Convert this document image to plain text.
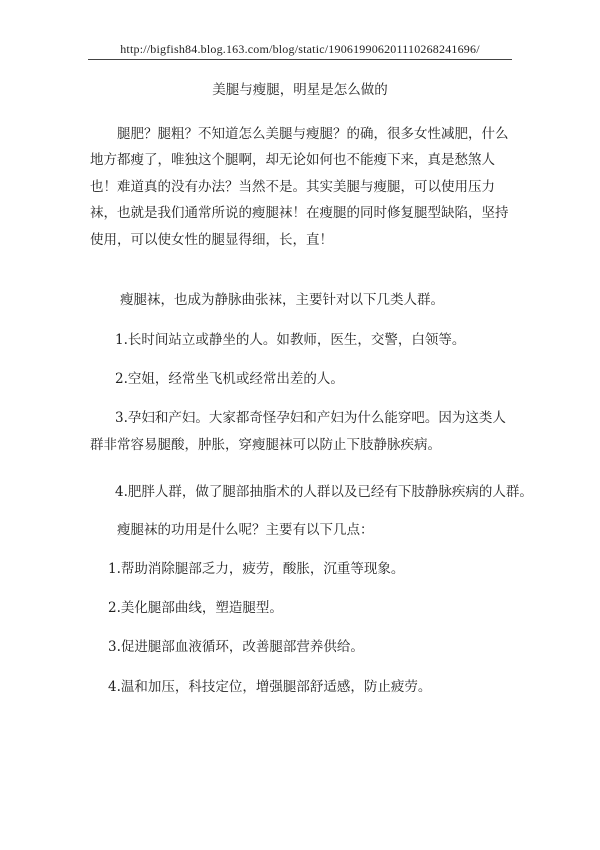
http://bigfish84.blog.163.com/blog/static/19061990620111026824169​6/
美腿与瘦腿，明星是怎么做的
腿肥？腿粗？不知道怎么美腿与瘦腿？的确，很多女性减肥，什么地方都瘦了，唯独这个腿啊，却无论如何也不能瘦下来，真是愁煞人也！难道真的没有办法？当然不是。其实美腿与瘦腿，可以使用压力袜，也就是我们通常所说的瘦腿袜！在瘦腿的同时修复腿型缺陷，坚持使用，可以使女性的腿显得细，长，直！
瘦腿袜，也成为静脉曲张袜，主要针对以下几类人群。
1.长时间站立或静坐的人。如教师，医生，交警，白领等。
2.空姐，经常坐飞机或经常出差的人。
3.孕妇和产妇。大家都奇怪孕妇和产妇为什么能穿吧。因为这类人群非常容易腿酸，肿胀，穿瘦腿袜可以防止下肢静脉疾病。
4.肥胖人群，做了腿部抽脂术的人群以及已经有下肢静脉疾病的人群。
瘦腿袜的功用是什么呢？主要有以下几点：
1.帮助消除腿部乏力，疲劳，酸胀，沉重等现象。
2.美化腿部曲线，塑造腿型。
3.促进腿部血液循环，改善腿部营养供给。
4.温和加压，科技定位，增强腿部舒适感，防止疲劳。
